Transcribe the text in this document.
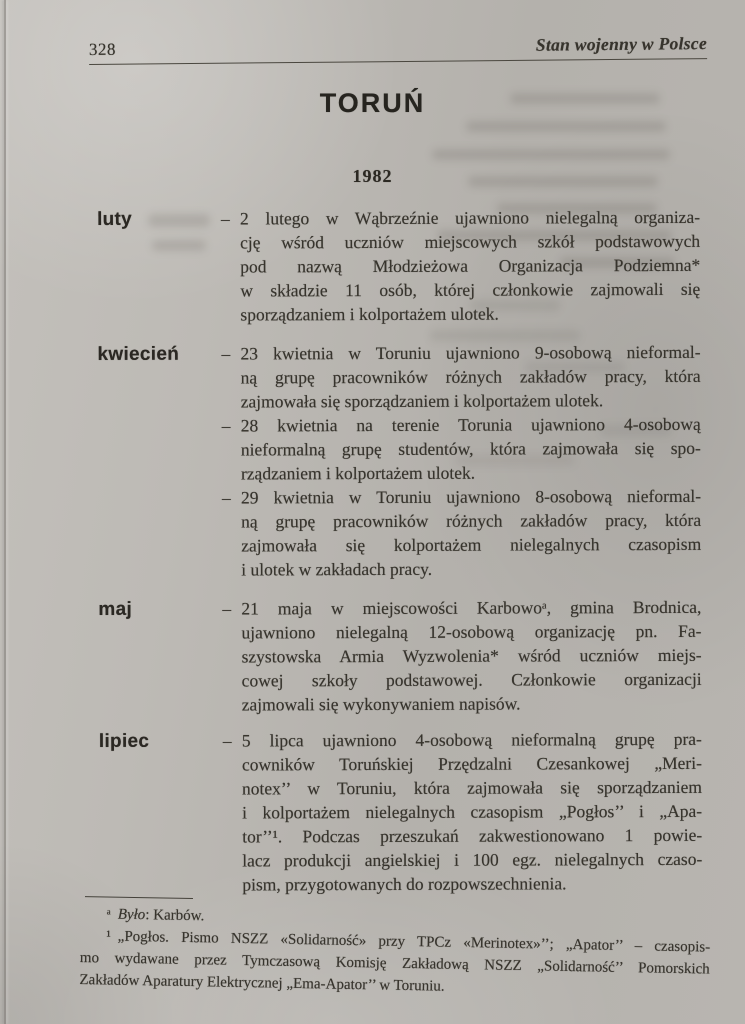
328	Stan wojenny w Polsce
TORUŃ
1982
luty	– 2 lutego w Wąbrzeźnie ujawniono nielegalną organiza-
cję wśród uczniów miejscowych szkół podstawowych
pod nazwą Młodzieżowa Organizacja Podziemna*
w składzie 11 osób, której członkowie zajmowali się
sporządzaniem i kolportażem ulotek.
kwiecień – 23 kwietnia w Toruniu ujawniono 9-osobową nieformal-
ną grupę pracowników różnych zakładów pracy, która
zajmowała się sporządzaniem i kolportażem ulotek.
– 28 kwietnia na terenie Torunia ujawniono 4-osobową
nieformalną grupę studentów, która zajmowała się spo-
rządzaniem i kolportażem ulotek.
– 29 kwietnia w Toruniu ujawniono 8-osobową nieformal-
ną grupę pracowników różnych zakładów pracy, która
zajmowała się kolportażem nielegalnych czasopism
i ulotek w zakładach pracy.
maj	– 21 maja w miejscowości Karbowoᵃ, gmina Brodnica,
ujawniono nielegalną 12-osobową organizację pn. Fa-
szystowska Armia Wyzwolenia* wśród uczniów miejs-
cowej szkoły podstawowej. Członkowie organizacji
zajmowali się wykonywaniem napisów.
lipiec	– 5 lipca ujawniono 4-osobową nieformalną grupę pra-
cowników Toruńskiej Przędzalni Czesankowej „Meri-
notex’’ w Toruniu, która zajmowała się sporządzaniem
i kolportażem nielegalnych czasopism „Pogłos’’ i „Apa-
tor’’¹. Podczas przeszukań zakwestionowano 1 powie-
lacz produkcji angielskiej i 100 egz. nielegalnych czaso-
pism, przygotowanych do rozpowszechnienia.
ᵃ Było: Karbów.
¹ „Pogłos. Pismo NSZZ «Solidarność» przy TPCz «Merinotex»’’; „Apator’’ – czasopis-
mo wydawane przez Tymczasową Komisję Zakładową NSZZ „Solidarność’’ Pomorskich
Zakładów Aparatury Elektrycznej „Ema-Apator’’ w Toruniu.
